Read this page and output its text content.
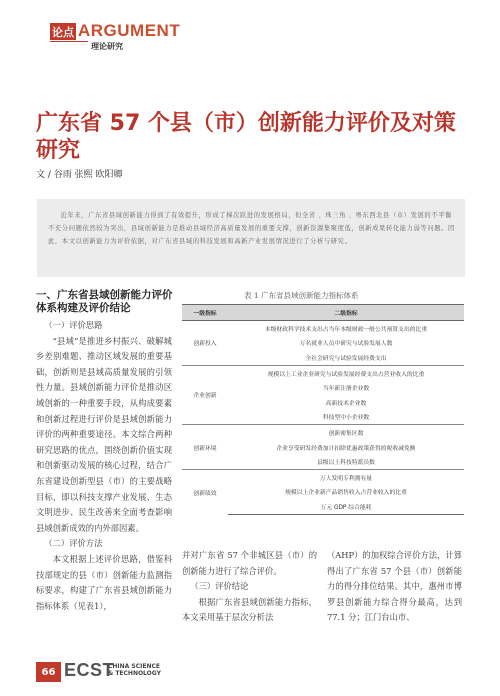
论点 ARGUMENT
理论研究
广东省 57 个县（市）创新能力评价及对策研究
文 / 谷雨 张熙 欧阳卿
近年来，广东省县域创新能力得到了有效提升，形成了梯次跃进的发展格局，但全省 、珠三角 、粤东西北县（市）发展的不平衡不充分问题依然较为突出，县域创新能力是推动县域经济高质量发展的重要支撑，创新资源集聚度低，创新成果转化能力弱等问题。因此，本文以创新能力为评价依据，对广东省县域的科技发展和高新产业发展情况进行了分析与研究。
一、广东省县域创新能力评价体系构建及评价结论
（一）评价思路
“县域”是推进乡村振兴、破解城乡差别难题、推动区域发展的重要基础，创新则是县域高质量发展的引领性力量。县域创新能力评价是推动区域创新的一种重要手段，从构成要素和创新过程进行评价是县域创新能力评价的两种重要途径。本文综合两种研究思路的优点，围绕创新价值实现和创新驱动发展的核心过程，结合广东省建设创新型县（市）的主要战略目标，即以科技支撑产业发展、生态文明进步、民生改善来全面考查影响县域创新成效的内外部因素。
（二）评价方法
本文根据上述评价思路，借鉴科技部规定的县（市）创新能力监测指标要求，构建了广东省县域创新能力指标体系（见表1），
表 1 广东省县域创新能力指标体系
一级指标	二级指标
创新投入	本级财政科学技术支出占当年本级财政一般公共预算支出的比重
	万名就业人员中研究与试验发展人数
	全社会研究与试验发展经费支出
企业创新	规模以上工业企业研究与试验发展经费支出占营业收入的比重
	当年新注册企业数
	高新技术企业数
	科技型中小企业数
创新环境	创新密集区数
	企业享受研发经费加计扣除优惠政策获得的税收减免额
	县级以上科技特派员数
创新绩效	万人发明专利拥有量
	规模以上企业新产品销售收入占营业收入的比重
	万元 GDP 综合能耗
并对广东省 57 个非城区县（市）的创新能力进行了综合评价。
（三）评价结论
根据广东省县域创新能力指标，本文采用基于层次分析法
（AHP）的加权综合评价方法，计算得出了广东省 57 个县（市）创新能力的得分排位结果。其中，惠州市博罗县创新能力综合得分最高，达到 77.1 分；江门台山市、
66 ECST
CHINA SCIENCE
& TECHNOLOGY
